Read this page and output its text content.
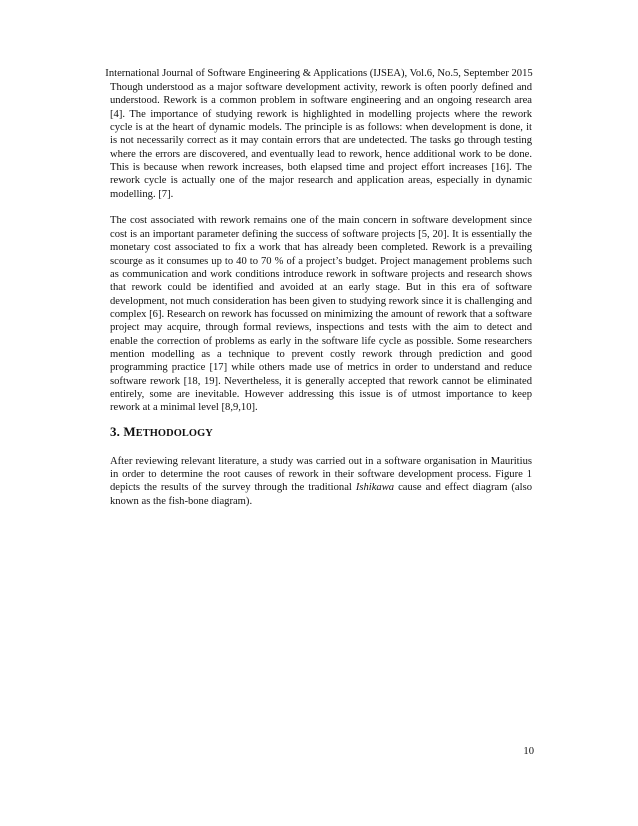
International Journal of Software Engineering & Applications (IJSEA), Vol.6, No.5, September 2015

Though understood as a major software development activity, rework is often poorly defined and understood. Rework is a common problem in software engineering and an ongoing research area [4]. The importance of studying rework is highlighted in modelling projects where the rework cycle is at the heart of dynamic models. The principle is as follows: when development is done, it is not necessarily correct as it may contain errors that are undetected. The tasks go through testing where the errors are discovered, and eventually lead to rework, hence additional work to be done. This is because when rework increases, both elapsed time and project effort increases [16]. The rework cycle is actually one of the major research and application areas, especially in dynamic modelling. [7].

The cost associated with rework remains one of the main concern in software development since cost is an important parameter defining the success of software projects [5, 20]. It is essentially the monetary cost associated to fix a work that has already been completed. Rework is a prevailing scourge as it consumes up to 40 to 70 % of a project’s budget. Project management problems such as communication and work conditions introduce rework in software projects and research shows that rework could be identified and avoided at an early stage. But in this era of software development, not much consideration has been given to studying rework since it is challenging and complex [6]. Research on rework has focussed on minimizing the amount of rework that a software project may acquire, through formal reviews, inspections and tests with the aim to detect and enable the correction of problems as early in the software life cycle as possible. Some researchers mention modelling as a technique to prevent costly rework through prediction and good programming practice [17] while others made use of metrics in order to understand and reduce software rework [18, 19]. Nevertheless, it is generally accepted that rework cannot be eliminated entirely, some are inevitable. However addressing this issue is of utmost importance to keep rework at a minimal level [8,9,10].

3. METHODOLOGY

After reviewing relevant literature, a study was carried out in a software organisation in Mauritius in order to determine the root causes of rework in their software development process. Figure 1 depicts the results of the survey through the traditional Ishikawa cause and effect diagram (also known as the fish-bone diagram).

10
